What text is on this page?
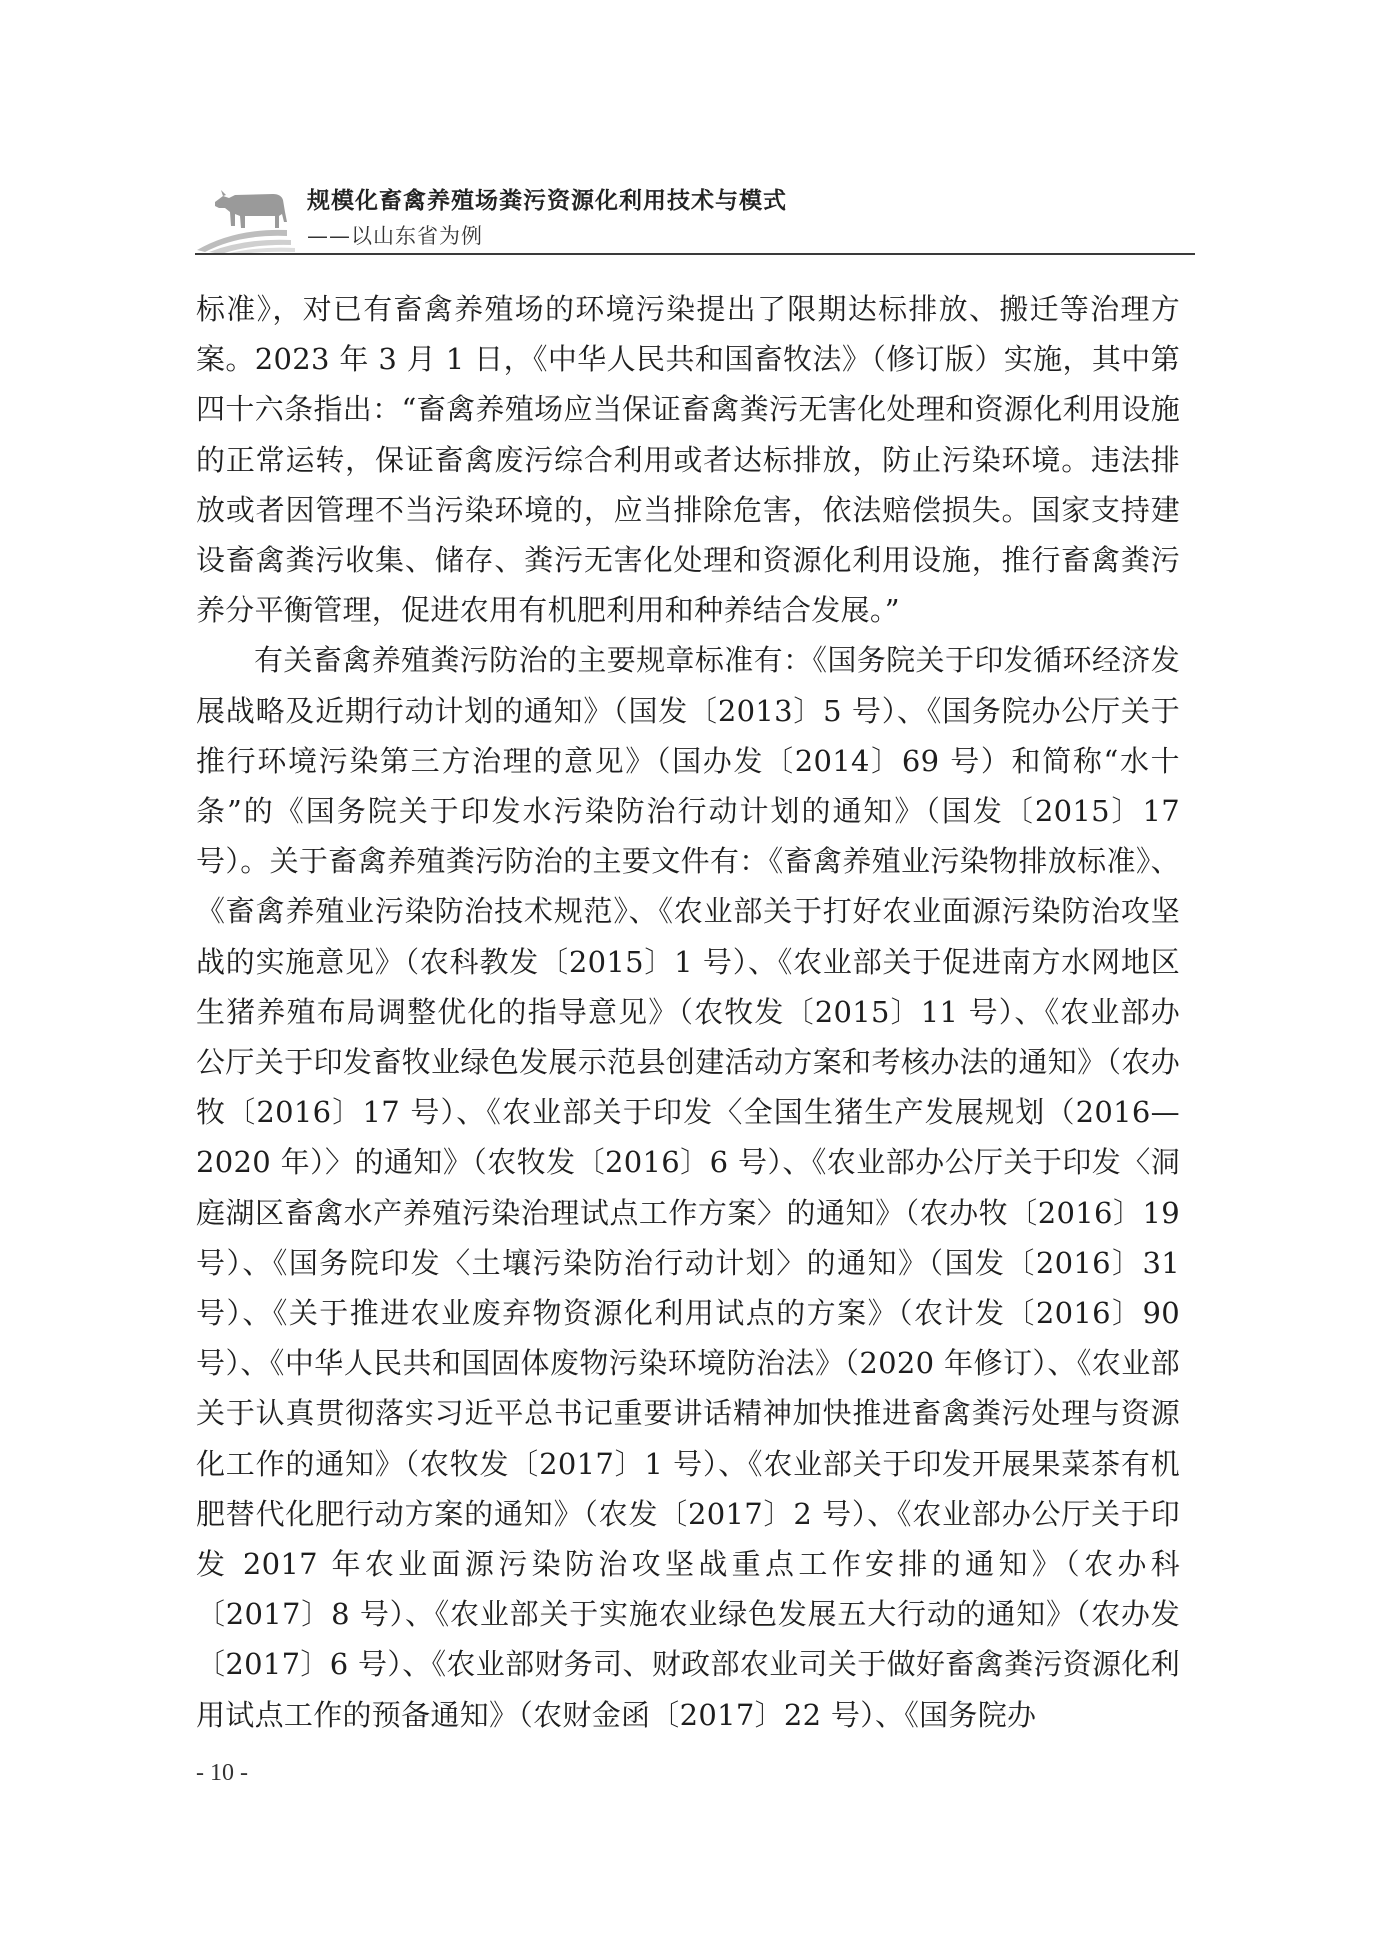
规模化畜禽养殖场粪污资源化利用技术与模式
——以山东省为例

标准》，对已有畜禽养殖场的环境污染提出了限期达标排放、搬迁等治理方案。2023 年 3 月 1 日，《中华人民共和国畜牧法》（修订版）实施，其中第四十六条指出：“畜禽养殖场应当保证畜禽粪污无害化处理和资源化利用设施的正常运转，保证畜禽废污综合利用或者达标排放，防止污染环境。违法排放或者因管理不当污染环境的，应当排除危害，依法赔偿损失。国家支持建设畜禽粪污收集、储存、粪污无害化处理和资源化利用设施，推行畜禽粪污养分平衡管理，促进农用有机肥利用和种养结合发展。”

有关畜禽养殖粪污防治的主要规章标准有：《国务院关于印发循环经济发展战略及近期行动计划的通知》（国发〔2013〕5 号）、《国务院办公厅关于推行环境污染第三方治理的意见》（国办发〔2014〕69 号）和简称“水十条”的《国务院关于印发水污染防治行动计划的通知》（国发〔2015〕17 号）。关于畜禽养殖粪污防治的主要文件有：《畜禽养殖业污染物排放标准》、《畜禽养殖业污染防治技术规范》、《农业部关于打好农业面源污染防治攻坚战的实施意见》（农科教发〔2015〕1 号）、《农业部关于促进南方水网地区生猪养殖布局调整优化的指导意见》（农牧发〔2015〕11 号）、《农业部办公厅关于印发畜牧业绿色发展示范县创建活动方案和考核办法的通知》（农办牧〔2016〕17 号）、《农业部关于印发〈全国生猪生产发展规划（2016—2020 年）〉的通知》（农牧发〔2016〕6 号）、《农业部办公厅关于印发〈洞庭湖区畜禽水产养殖污染治理试点工作方案〉的通知》（农办牧〔2016〕19 号）、《国务院印发〈土壤污染防治行动计划〉的通知》（国发〔2016〕31 号）、《关于推进农业废弃物资源化利用试点的方案》（农计发〔2016〕90 号）、《中华人民共和国固体废物污染环境防治法》（2020 年修订）、《农业部关于认真贯彻落实习近平总书记重要讲话精神加快推进畜禽粪污处理与资源化工作的通知》（农牧发〔2017〕1 号）、《农业部关于印发开展果菜茶有机肥替代化肥行动方案的通知》（农发〔2017〕2 号）、《农业部办公厅关于印发 2017 年农业面源污染防治攻坚战重点工作安排的通知》（农办科〔2017〕8 号）、《农业部关于实施农业绿色发展五大行动的通知》（农办发〔2017〕6 号）、《农业部财务司、财政部农业司关于做好畜禽粪污资源化利用试点工作的预备通知》（农财金函〔2017〕22 号）、《国务院办

- 10 -
